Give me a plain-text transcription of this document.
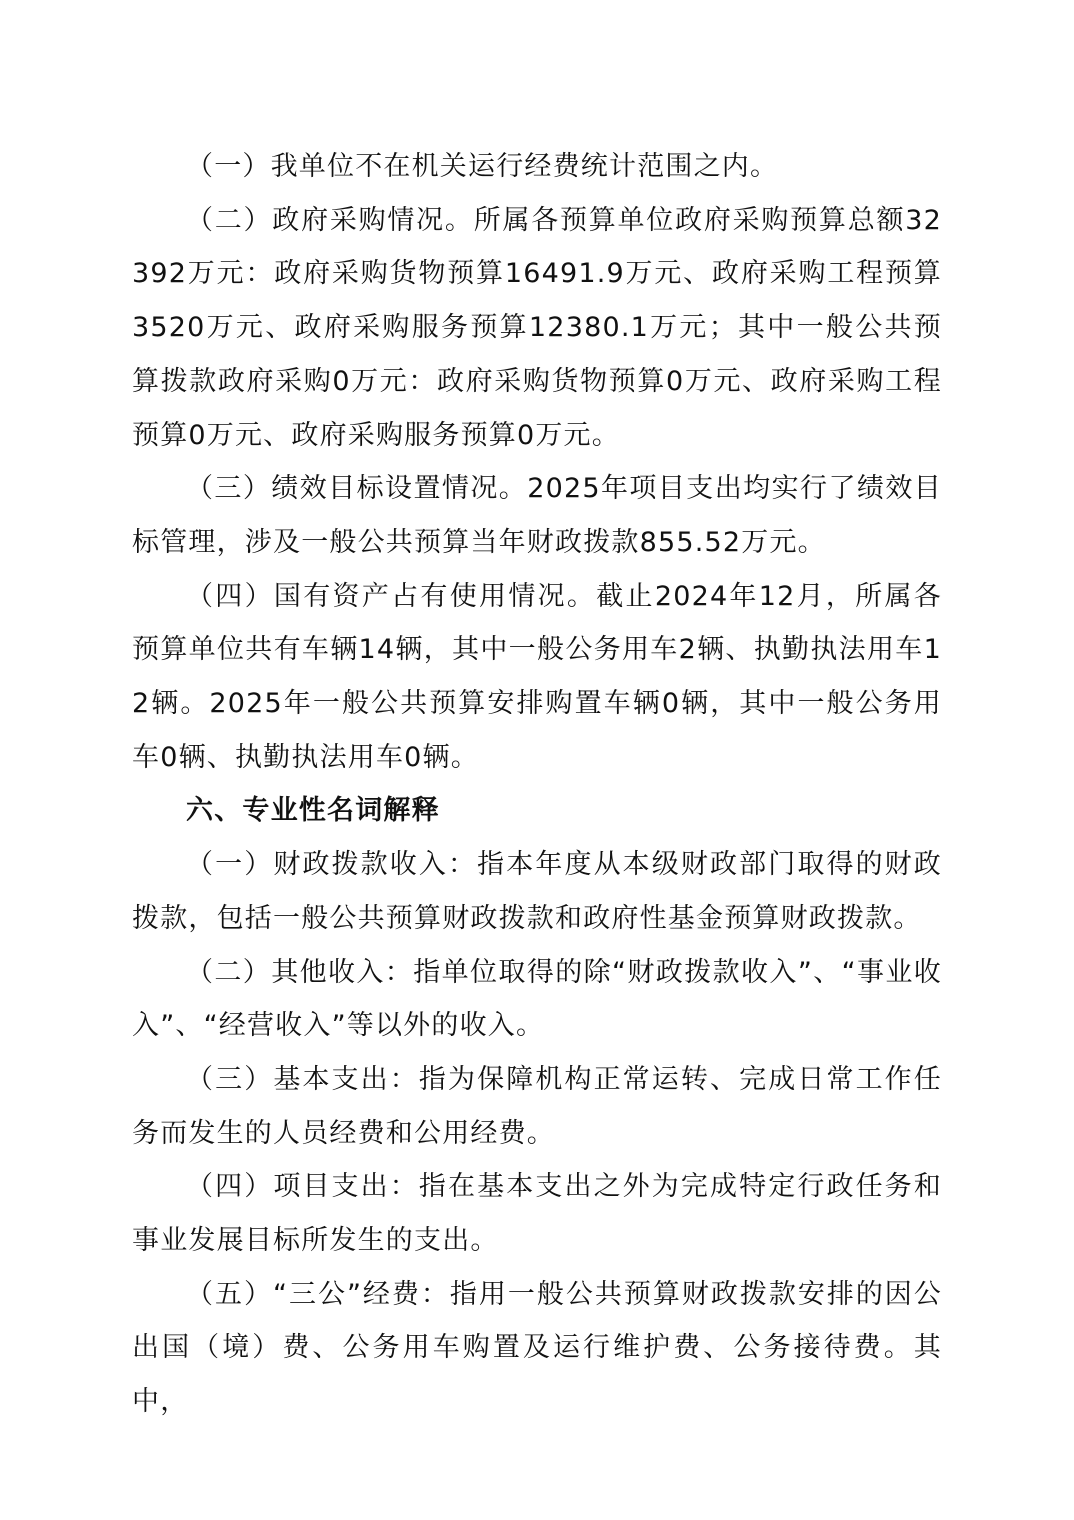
（一）我单位不在机关运行经费统计范围之内。

（二）政府采购情况。所属各预算单位政府采购预算总额32392万元：政府采购货物预算16491.9万元、政府采购工程预算 3520万元、政府采购服务预算12380.1万元；其中一般公共预算拨款政府采购0万元：政府采购货物预算0万元、政府采购工程预算0万元、政府采购服务预算0万元。

（三）绩效目标设置情况。2025年项目支出均实行了绩效目标管理，涉及一般公共预算当年财政拨款855.52万元。

（四）国有资产占有使用情况。截止2024年12月，所属各预算单位共有车辆14辆，其中一般公务用车2辆、执勤执法用车12辆。2025年一般公共预算安排购置车辆0辆，其中一般公务用车0辆、执勤执法用车0辆。

六、专业性名词解释

（一）财政拨款收入：指本年度从本级财政部门取得的财政拨款，包括一般公共预算财政拨款和政府性基金预算财政拨款。

（二）其他收入：指单位取得的除“财政拨款收入”、“事业收入”、“经营收入”等以外的收入。

（三）基本支出：指为保障机构正常运转、完成日常工作任务而发生的人员经费和公用经费。

（四）项目支出：指在基本支出之外为完成特定行政任务和事业发展目标所发生的支出。

（五）“三公”经费：指用一般公共预算财政拨款安排的因公出国（境）费、公务用车购置及运行维护费、公务接待费。其中，
